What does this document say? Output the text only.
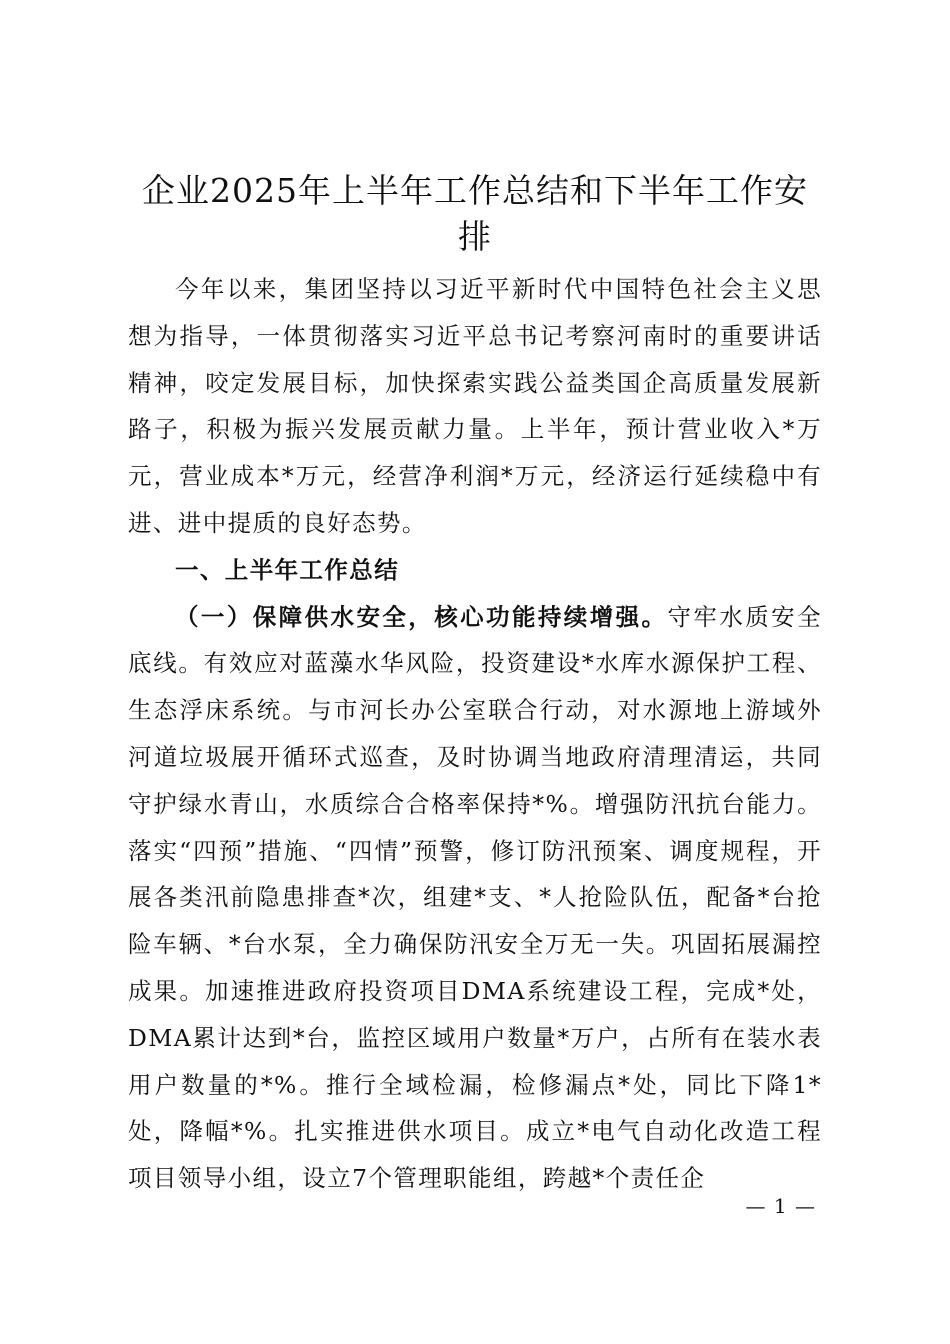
企业2025年上半年工作总结和下半年工作安排

今年以来，集团坚持以习近平新时代中国特色社会主义思想为指导，一体贯彻落实习近平总书记考察河南时的重要讲话精神，咬定发展目标，加快探索实践公益类国企高质量发展新路子，积极为振兴发展贡献力量。上半年，预计营业收入*万元，营业成本*万元，经营净利润*万元，经济运行延续稳中有进、进中提质的良好态势。

一、上半年工作总结

（一）保障供水安全，核心功能持续增强。守牢水质安全底线。有效应对蓝藻水华风险，投资建设*水库水源保护工程、生态浮床系统。与市河长办公室联合行动，对水源地上游域外河道垃圾展开循环式巡查，及时协调当地政府清理清运，共同守护绿水青山，水质综合合格率保持*%。增强防汛抗台能力。落实“四预”措施、“四情”预警，修订防汛预案、调度规程，开展各类汛前隐患排查*次，组建*支、*人抢险队伍，配备*台抢险车辆、*台水泵，全力确保防汛安全万无一失。巩固拓展漏控成果。加速推进政府投资项目DMA系统建设工程，完成*处，DMA累计达到*台，监控区域用户数量*万户，占所有在装水表用户数量的*%。推行全域检漏，检修漏点*处，同比下降1*处，降幅*%。扎实推进供水项目。成立*电气自动化改造工程项目领导小组，设立7个管理职能组，跨越*个责任企

— 1 —
